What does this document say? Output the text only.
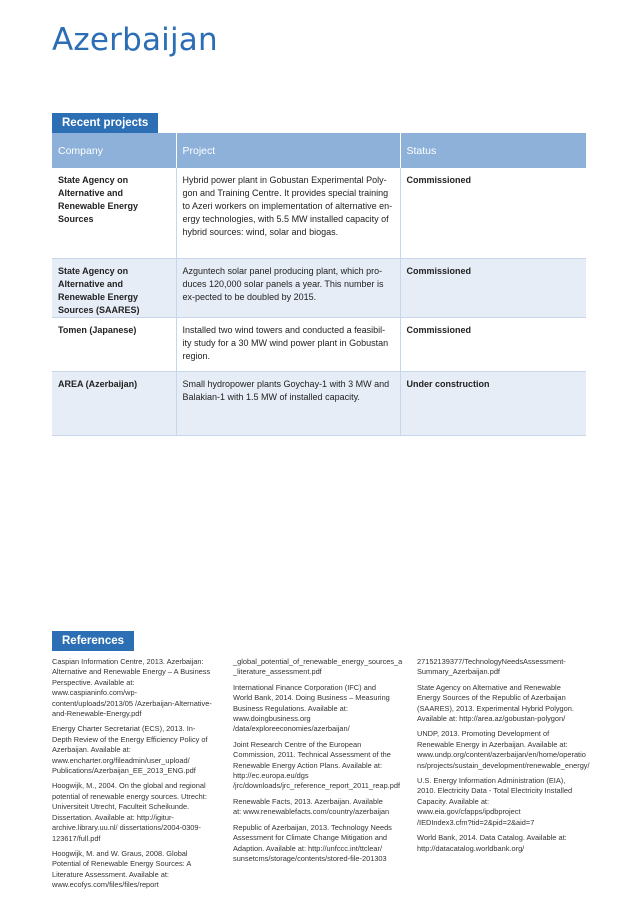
Azerbaijan
Recent projects
Company	Project	Status
State Agency on Alternative and Renewable Energy Sources	Hybrid power plant in Gobustan Experimental Poly-gon and Training Centre. It provides special training to Azeri workers on implementation of alternative en-ergy technologies, with 5.5 MW installed capacity of hybrid sources: wind, solar and biogas.	Commissioned
State Agency on Alternative and Renewable Energy Sources (SAARES)	Azguntech solar panel producing plant, which pro-duces 120,000 solar panels a year. This number is ex-pected to be doubled by 2015.	Commissioned
Tomen (Japanese)	Installed two wind towers and conducted a feasibil-ity study for a 30 MW wind power plant in Gobustan region.	Commissioned
AREA (Azerbaijan)	Small hydropower plants Goychay-1 with 3 MW and Balakian-1 with 1.5 MW of installed capacity.	Under construction
References

Caspian Information Centre, 2013. Azerbaijan: Alternative and Renewable Energy – A Business Perspective. Available at: www.caspianinfo.com/wp-content/uploads/2013/05 /Azerbaijan-Alternative-and-Renewable-Energy.pdf

Energy Charter Secretariat (ECS), 2013. In-Depth Review of the Energy Efficiency Policy of Azerbaijan. Available at: www.encharter.org/fileadmin/user_upload/ Publications/Azerbaijan_EE_2013_ENG.pdf

Hoogwijk, M., 2004. On the global and regional potential of renewable energy sources. Utrecht: Universiteit Utrecht, Faculteit Scheikunde. Dissertation. Available at: http://igitur-archive.library.uu.nl/ dissertations/2004-0309-123617/full.pdf

Hoogwijk, M. and W. Graus, 2008. Global Potential of Renewable Energy Sources: A Literature Assessment. Available at: www.ecofys.com/files/files/report

_global_potential_of_renewable_energy_sources_a _literature_assessment.pdf

International Finance Corporation (IFC) and World Bank, 2014. Doing Business – Measuring Business Regulations. Available at: www.doingbusiness.org /data/exploreeconomies/azerbaijan/

Joint Research Centre of the European Commission, 2011. Technical Assessment of the Renewable Energy Action Plans. Available at: http://ec.europa.eu/dgs /jrc/downloads/jrc_reference_report_2011_reap.pdf

Renewable Facts, 2013. Azerbaijan. Available at: www.renewablefacts.com/country/azerbaijan

Republic of Azerbaijan, 2013. Technology Needs Assessment for Climate Change Mitigation and Adaption. Available at: http://unfccc.int/ttclear/ sunsetcms/storage/contents/stored-file-201303

27152139377/TechnologyNeedsAssessment-Summary_Azerbaijan.pdf

State Agency on Alternative and Renewable Energy Sources of the Republic of Azerbaijan (SAARES), 2013. Experimental Hybrid Polygon. Available at: http://area.az/gobustan-polygon/

UNDP, 2013. Promoting Development of Renewable Energy in Azerbaijan. Available at: www.undp.org/content/azerbaijan/en/home/operatio ns/projects/sustain_development/renewable_energy/

U.S. Energy Information Administration (EIA), 2010. Electricity Data - Total Electricity Installed Capacity. Available at: www.eia.gov/cfapps/ipdbproject /IEDIndex3.cfm?tid=2&pid=2&aid=7

World Bank, 2014. Data Catalog. Available at: http://datacatalog.worldbank.org/
